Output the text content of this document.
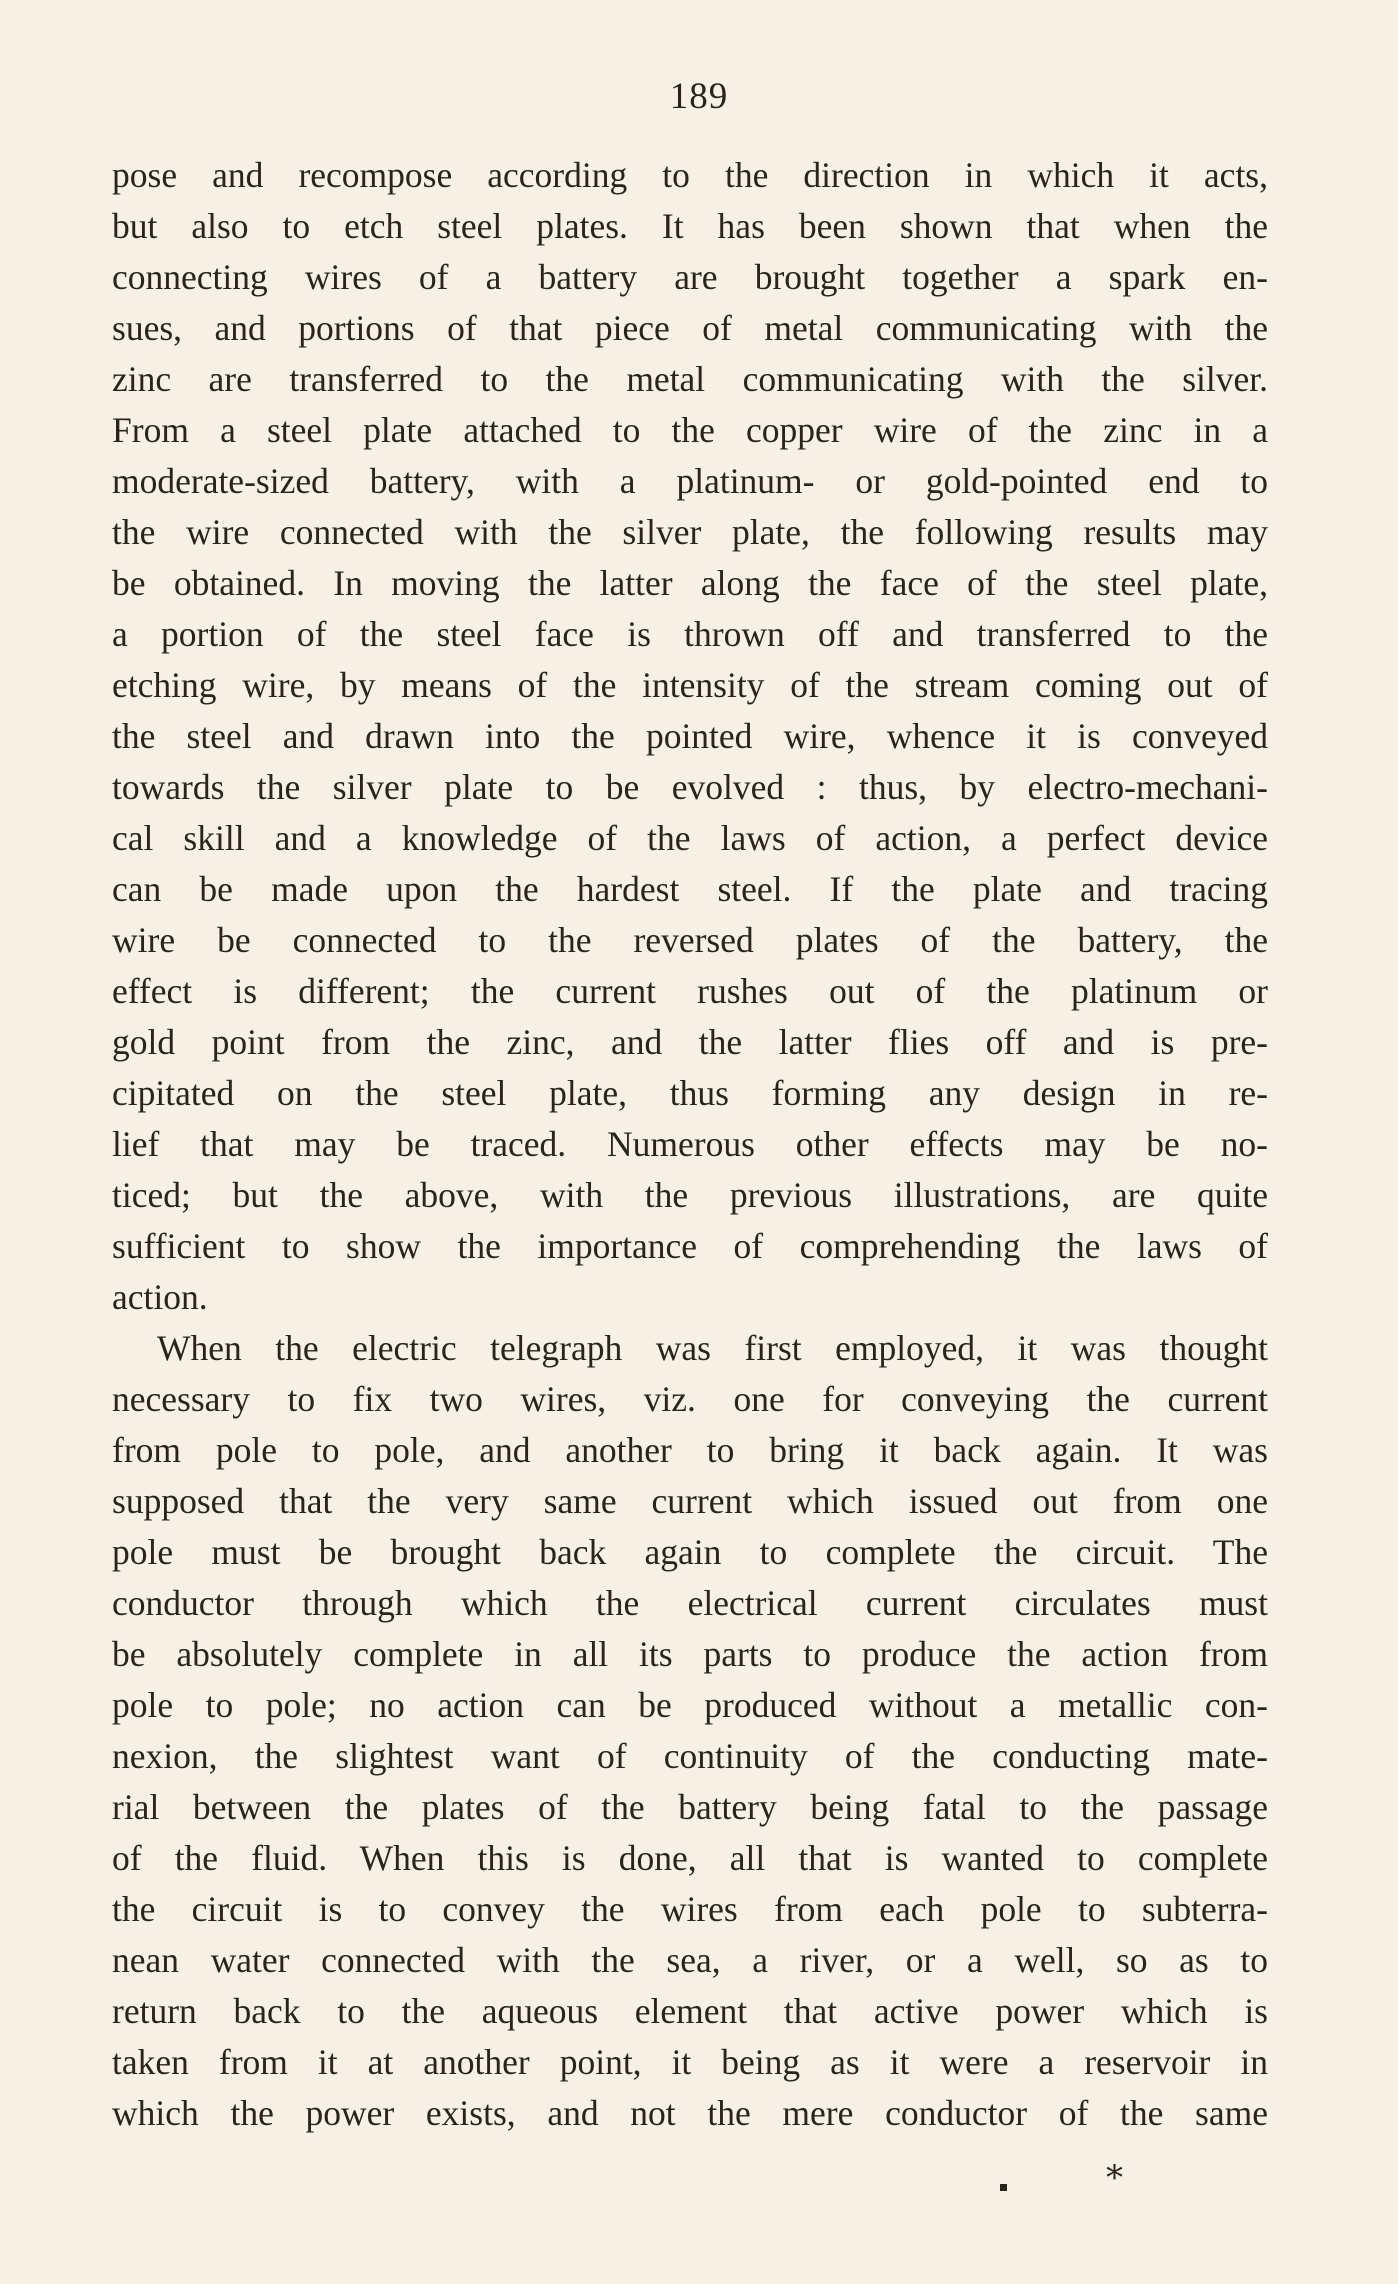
189
pose and recompose according to the direction in which it acts,
but also to etch steel plates. It has been shown that when the
connecting wires of a battery are brought together a spark en-
sues, and portions of that piece of metal communicating with the
zinc are transferred to the metal communicating with the silver.
From a steel plate attached to the copper wire of the zinc in a
moderate-sized battery, with a platinum- or gold-pointed end to
the wire connected with the silver plate, the following results may
be obtained. In moving the latter along the face of the steel plate,
a portion of the steel face is thrown off and transferred to the
etching wire, by means of the intensity of the stream coming out of
the steel and drawn into the pointed wire, whence it is conveyed
towards the silver plate to be evolved : thus, by electro-mechani-
cal skill and a knowledge of the laws of action, a perfect device
can be made upon the hardest steel. If the plate and tracing
wire be connected to the reversed plates of the battery, the
effect is different; the current rushes out of the platinum or
gold point from the zinc, and the latter flies off and is pre-
cipitated on the steel plate, thus forming any design in re-
lief that may be traced. Numerous other effects may be no-
ticed; but the above, with the previous illustrations, are quite
sufficient to show the importance of comprehending the laws of
action.
When the electric telegraph was first employed, it was thought
necessary to fix two wires, viz. one for conveying the current
from pole to pole, and another to bring it back again. It was
supposed that the very same current which issued out from one
pole must be brought back again to complete the circuit. The
conductor through which the electrical current circulates must
be absolutely complete in all its parts to produce the action from
pole to pole; no action can be produced without a metallic con-
nexion, the slightest want of continuity of the conducting mate-
rial between the plates of the battery being fatal to the passage
of the fluid. When this is done, all that is wanted to complete
the circuit is to convey the wires from each pole to subterra-
nean water connected with the sea, a river, or a well, so as to
return back to the aqueous element that active power which is
taken from it at another point, it being as it were a reservoir in
which the power exists, and not the mere conductor of the same
*
